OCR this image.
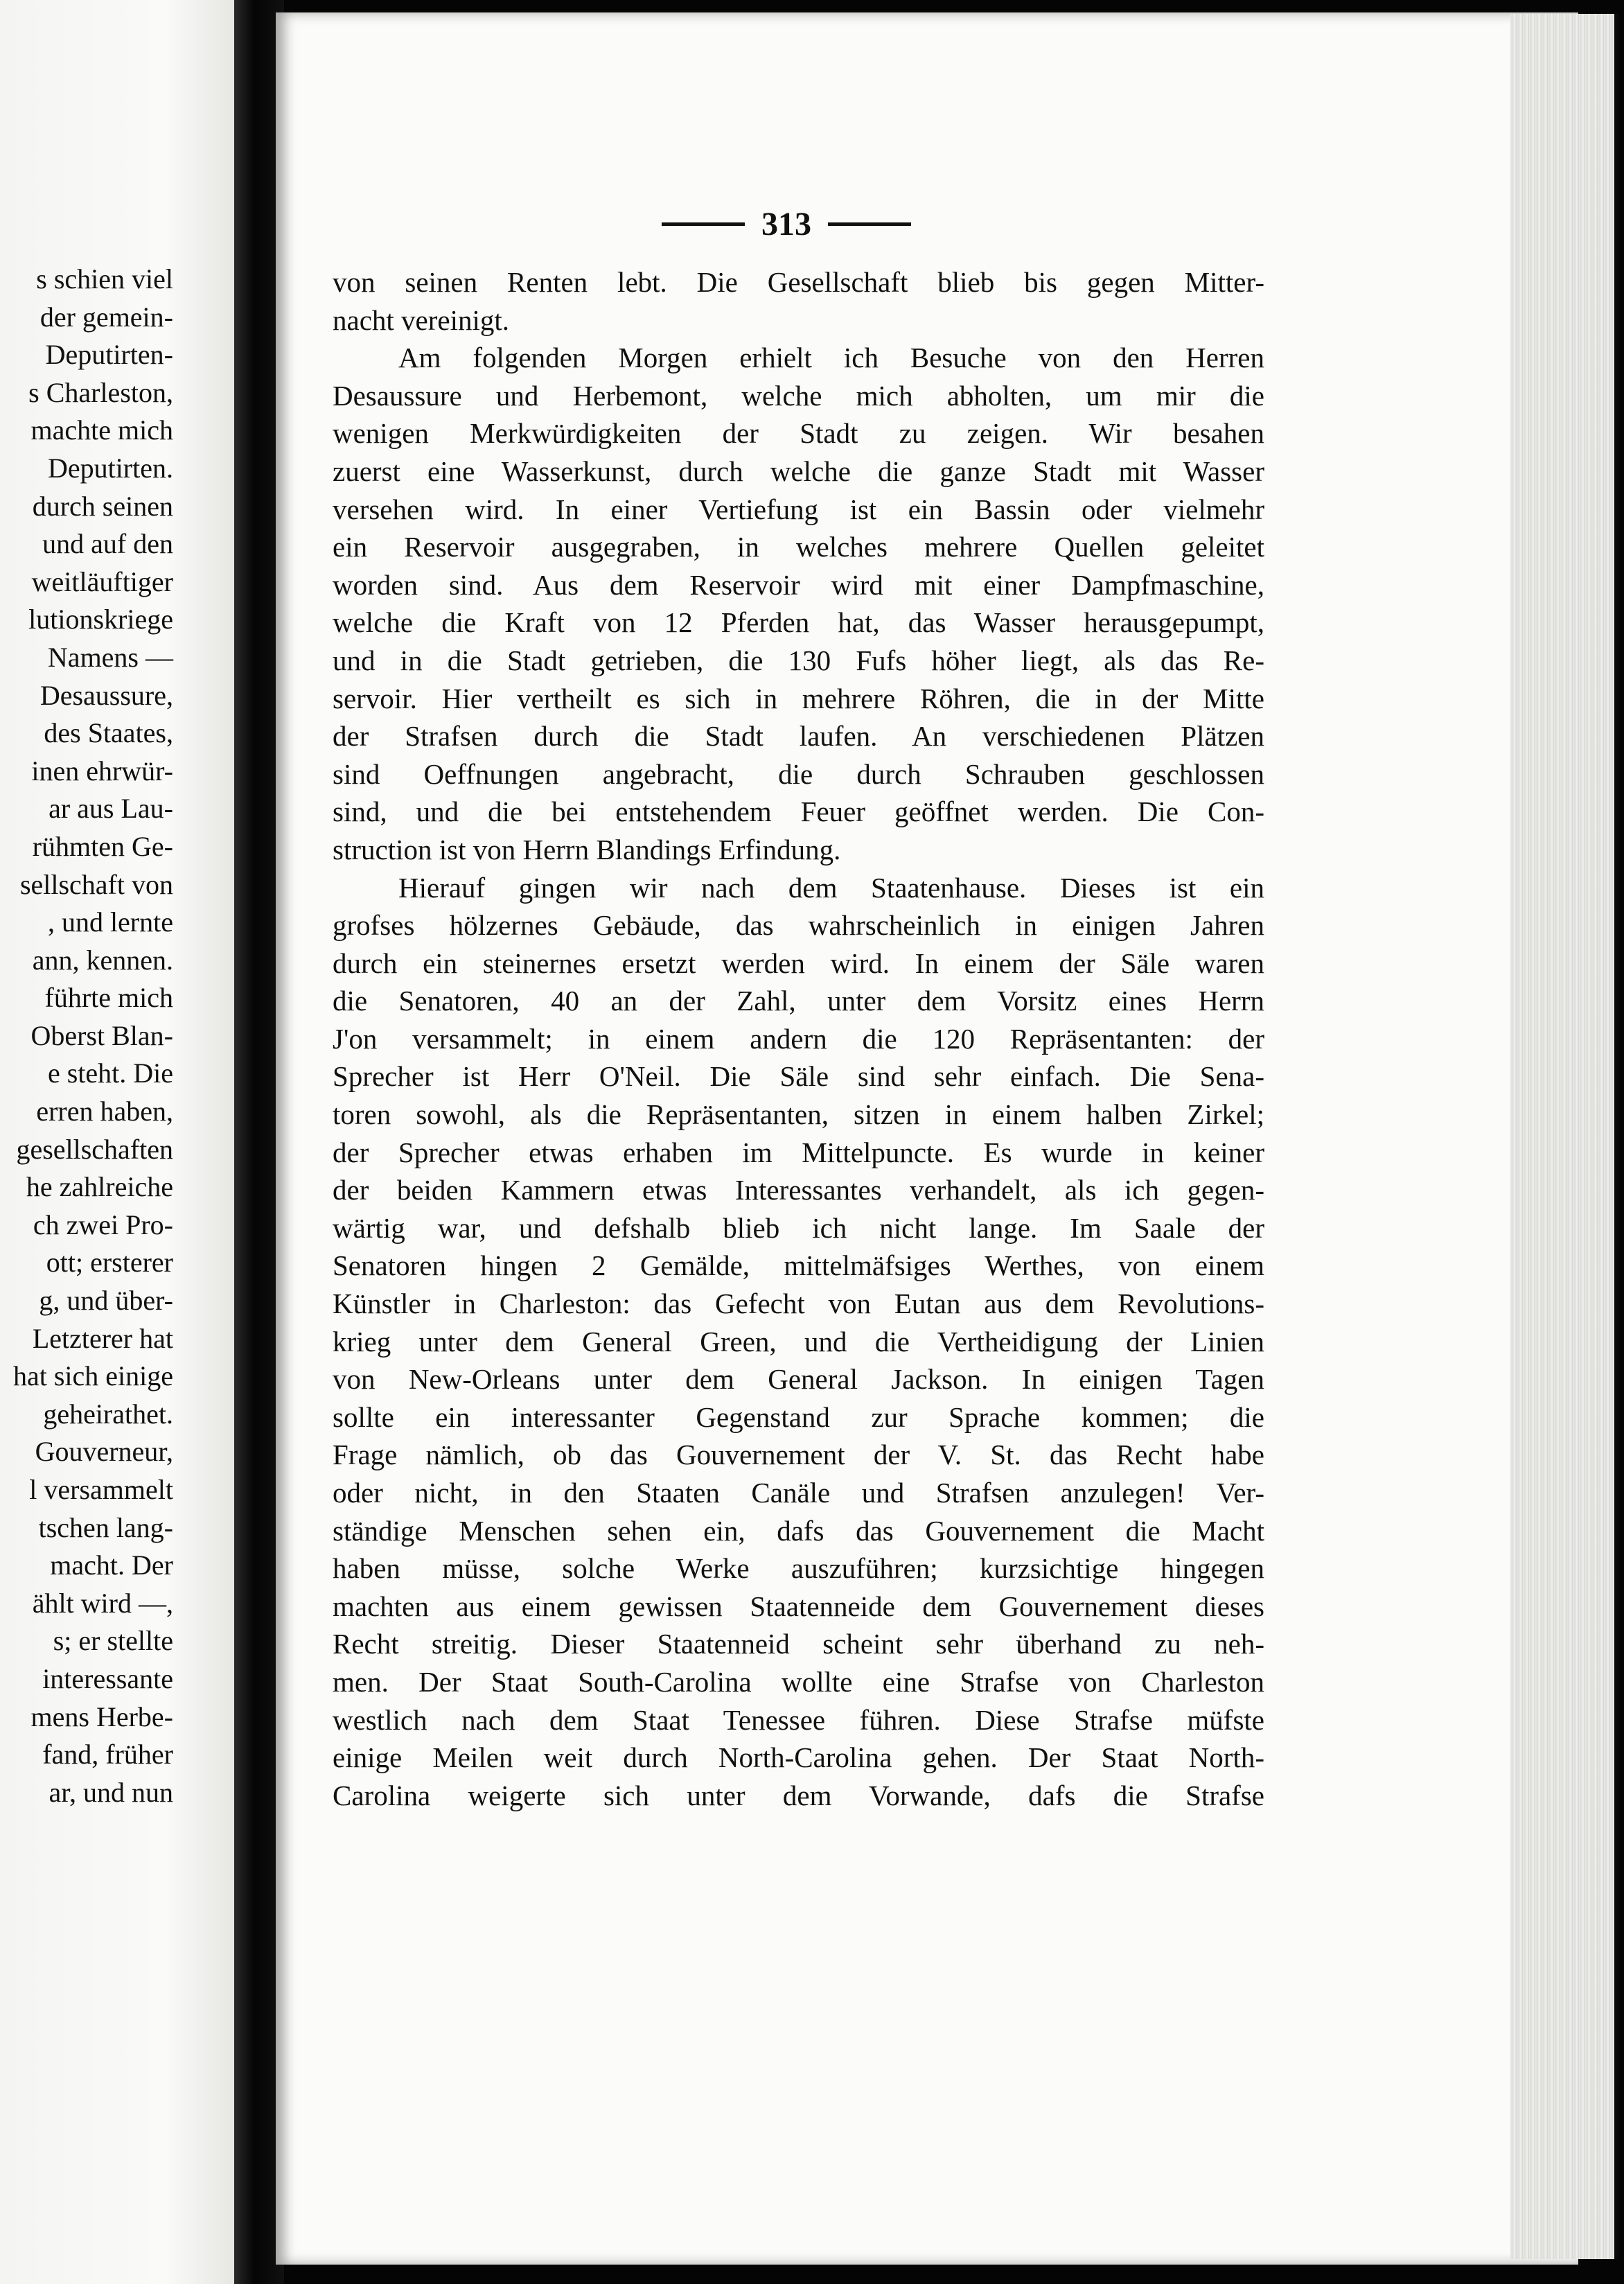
s schien viel
der gemein-
Deputirten-
s Charleston,
machte mich
Deputirten.
durch seinen
und auf den
weitläuftiger
lutionskriege
Namens —
Desaussure,
des Staates,
inen ehrwür-
ar aus Lau-
rühmten Ge-
sellschaft von
, und lernte
ann, kennen.
führte mich
Oberst Blan-
e steht. Die
erren haben,
gesellschaften
he zahlreiche
ch zwei Pro-
ott; ersterer
g, und über-
Letzterer hat
hat sich einige
geheirathet.
Gouverneur,
l versammelt
tschen lang-
macht. Der
ählt wird —,
s; er stellte
interessante
mens Herbe-
fand, früher
ar, und nun
313
von seinen Renten lebt. Die Gesellschaft blieb bis gegen Mitter-
nacht vereinigt.
Am folgenden Morgen erhielt ich Besuche von den Herren
Desaussure und Herbemont, welche mich abholten, um mir die
wenigen Merkwürdigkeiten der Stadt zu zeigen. Wir besahen
zuerst eine Wasserkunst, durch welche die ganze Stadt mit Wasser
versehen wird. In einer Vertiefung ist ein Bassin oder vielmehr
ein Reservoir ausgegraben, in welches mehrere Quellen geleitet
worden sind. Aus dem Reservoir wird mit einer Dampfmaschine,
welche die Kraft von 12 Pferden hat, das Wasser herausgepumpt,
und in die Stadt getrieben, die 130 Fufs höher liegt, als das Re-
servoir. Hier vertheilt es sich in mehrere Röhren, die in der Mitte
der Strafsen durch die Stadt laufen. An verschiedenen Plätzen
sind Oeffnungen angebracht, die durch Schrauben geschlossen
sind, und die bei entstehendem Feuer geöffnet werden. Die Con-
struction ist von Herrn Blandings Erfindung.
Hierauf gingen wir nach dem Staatenhause. Dieses ist ein
grofses hölzernes Gebäude, das wahrscheinlich in einigen Jahren
durch ein steinernes ersetzt werden wird. In einem der Säle waren
die Senatoren, 40 an der Zahl, unter dem Vorsitz eines Herrn
J'on versammelt; in einem andern die 120 Repräsentanten: der
Sprecher ist Herr O'Neil. Die Säle sind sehr einfach. Die Sena-
toren sowohl, als die Repräsentanten, sitzen in einem halben Zirkel;
der Sprecher etwas erhaben im Mittelpuncte. Es wurde in keiner
der beiden Kammern etwas Interessantes verhandelt, als ich gegen-
wärtig war, und defshalb blieb ich nicht lange. Im Saale der
Senatoren hingen 2 Gemälde, mittelmäfsiges Werthes, von einem
Künstler in Charleston: das Gefecht von Eutan aus dem Revolutions-
krieg unter dem General Green, und die Vertheidigung der Linien
von New-Orleans unter dem General Jackson. In einigen Tagen
sollte ein interessanter Gegenstand zur Sprache kommen; die
Frage nämlich, ob das Gouvernement der V. St. das Recht habe
oder nicht, in den Staaten Canäle und Strafsen anzulegen! Ver-
ständige Menschen sehen ein, dafs das Gouvernement die Macht
haben müsse, solche Werke auszuführen; kurzsichtige hingegen
machten aus einem gewissen Staatenneide dem Gouvernement dieses
Recht streitig. Dieser Staatenneid scheint sehr überhand zu neh-
men. Der Staat South-Carolina wollte eine Strafse von Charleston
westlich nach dem Staat Tenessee führen. Diese Strafse müfste
einige Meilen weit durch North-Carolina gehen. Der Staat North-
Carolina weigerte sich unter dem Vorwande, dafs die Strafse
